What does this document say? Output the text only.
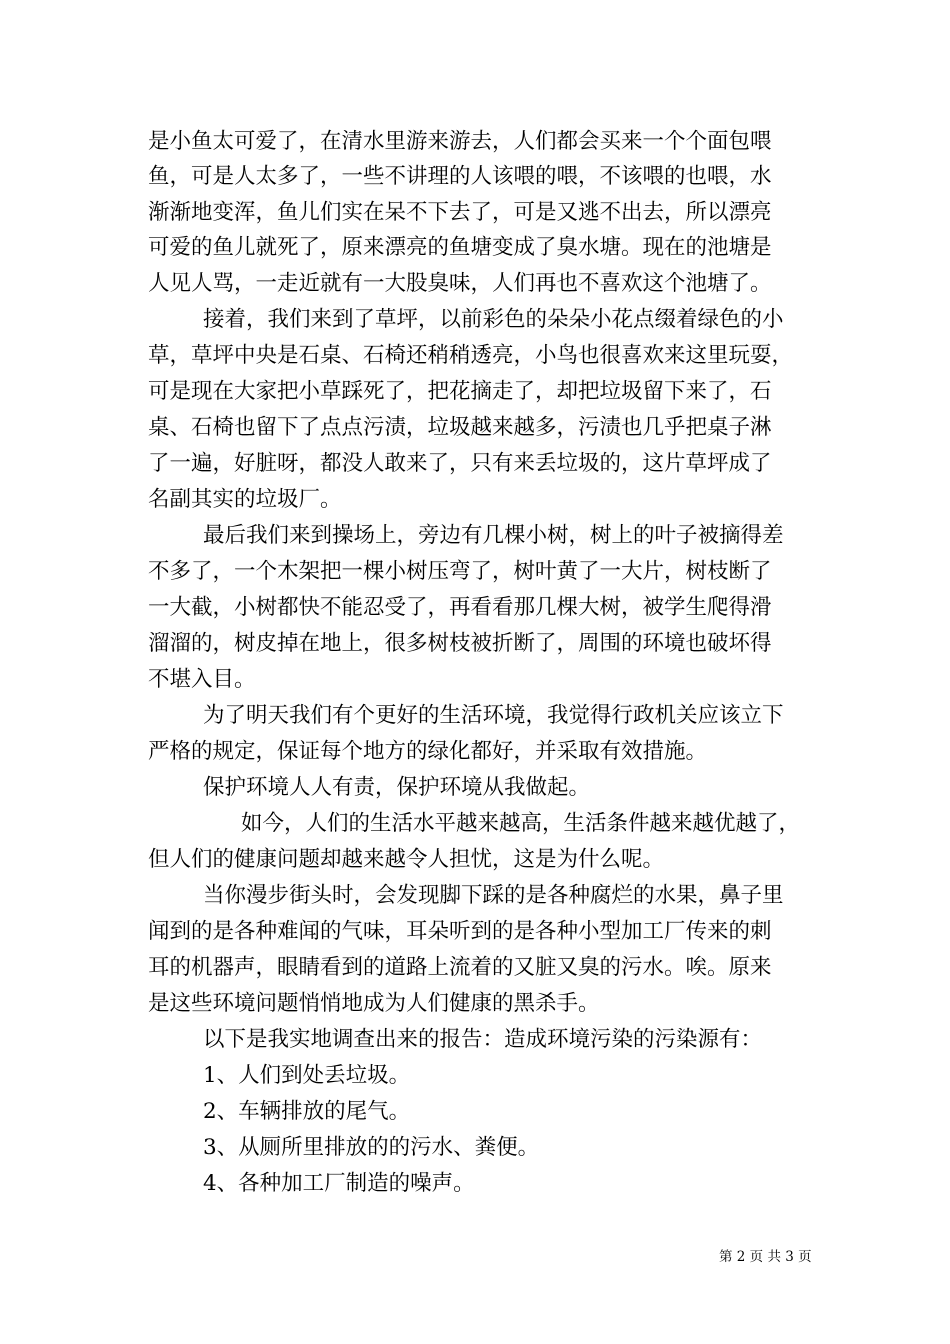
是小鱼太可爱了，在清水里游来游去，人们都会买来一个个面包喂
鱼，可是人太多了，一些不讲理的人该喂的喂，不该喂的也喂，水
渐渐地变浑，鱼儿们实在呆不下去了，可是又逃不出去，所以漂亮
可爱的鱼儿就死了，原来漂亮的鱼塘变成了臭水塘。现在的池塘是
人见人骂，一走近就有一大股臭味，人们再也不喜欢这个池塘了。
接着，我们来到了草坪，以前彩色的朵朵小花点缀着绿色的小
草，草坪中央是石桌、石椅还稍稍透亮，小鸟也很喜欢来这里玩耍，
可是现在大家把小草踩死了，把花摘走了，却把垃圾留下来了，石
桌、石椅也留下了点点污渍，垃圾越来越多，污渍也几乎把桌子淋
了一遍，好脏呀，都没人敢来了，只有来丢垃圾的，这片草坪成了
名副其实的垃圾厂。
最后我们来到操场上，旁边有几棵小树，树上的叶子被摘得差
不多了，一个木架把一棵小树压弯了，树叶黄了一大片，树枝断了
一大截，小树都快不能忍受了，再看看那几棵大树，被学生爬得滑
溜溜的，树皮掉在地上，很多树枝被折断了，周围的环境也破坏得
不堪入目。
为了明天我们有个更好的生活环境，我觉得行政机关应该立下
严格的规定，保证每个地方的绿化都好，并采取有效措施。
保护环境人人有责，保护环境从我做起。
如今，人们的生活水平越来越高，生活条件越来越优越了，
但人们的健康问题却越来越令人担忧，这是为什么呢。
当你漫步街头时，会发现脚下踩的是各种腐烂的水果，鼻子里
闻到的是各种难闻的气味，耳朵听到的是各种小型加工厂传来的刺
耳的机器声，眼睛看到的道路上流着的又脏又臭的污水。唉。原来
是这些环境问题悄悄地成为人们健康的黑杀手。
以下是我实地调查出来的报告：造成环境污染的污染源有：
1、人们到处丢垃圾。
2、车辆排放的尾气。
3、从厕所里排放的的污水、粪便。
4、各种加工厂制造的噪声。
第 2 页 共 3 页
